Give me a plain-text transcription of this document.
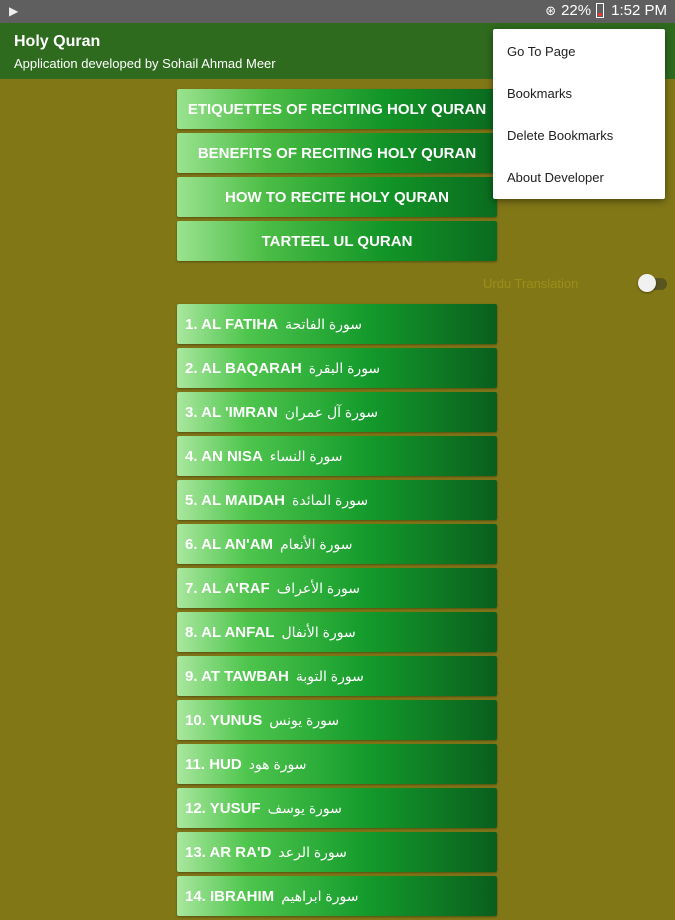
▶	⊛ 22% 1:52 PM
Holy Quran
Application developed by Sohail Ahmad Meer
ETIQUETTES OF RECITING HOLY QURAN
BENEFITS OF RECITING HOLY QURAN
HOW TO RECITE HOLY QURAN
TARTEEL UL QURAN
Urdu Translation
1. AL FATIHA سورة الفاتحة
2. AL BAQARAH سورة البقرة
3. AL 'IMRAN سورة آل عمران
4. AN NISA سورة النساء
5. AL MAIDAH سورة المائدة
6. AL AN'AM سورة الأنعام
7. AL A'RAF سورة الأعراف
8. AL ANFAL سورة الأنفال
9. AT TAWBAH سورة التوبة
10. YUNUS سورة يونس
11. HUD سورة هود
12. YUSUF سورة يوسف
13. AR RA'D سورة الرعد
14. IBRAHIM سورة ابراهيم
Go To Page
Bookmarks
Delete Bookmarks
About Developer
